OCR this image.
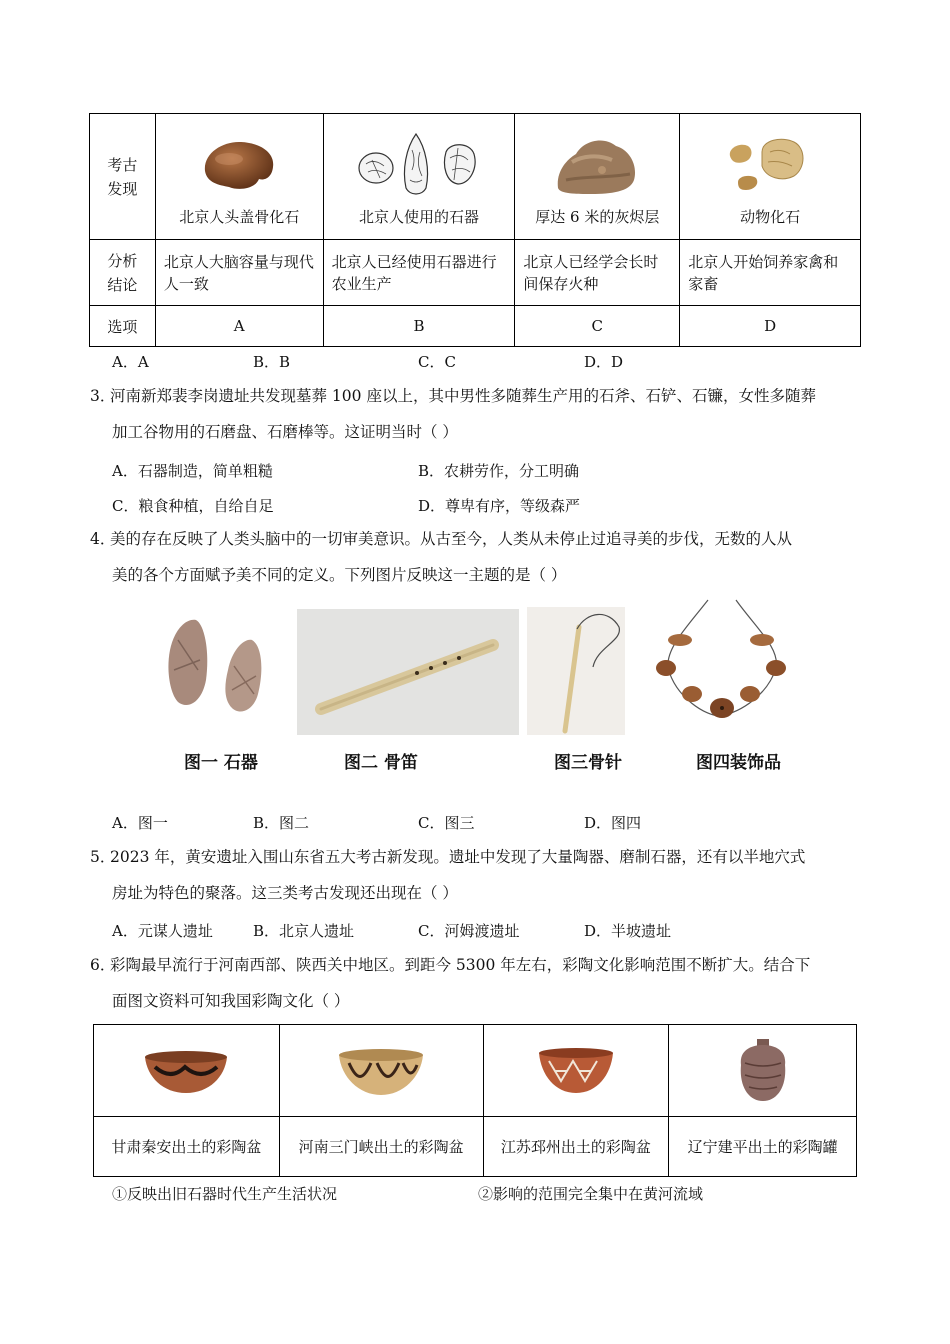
考古
发现	北京人头盖骨化石	北京人使用的石器	厚达 6 米的灰烬层	动物化石

分析
结论	北京人大脑容量与现代人一致	北京人已经使用石器进行农业生产	北京人已经学会长时间保存火种	北京人开始饲养家禽和家畜
选项	A	B	C	D
A．A	B．B	C．C	D．D
3．河南新郑裴李岗遗址共发现墓葬 100 座以上，其中男性多随葬生产用的石斧、石铲、石镰，女性多随葬
加工谷物用的石磨盘、石磨棒等。这证明当时（ ）
A．石器制造，简单粗糙	B．农耕劳作，分工明确
C．粮食种植，自给自足	D．尊卑有序，等级森严
4．美的存在反映了人类头脑中的一切审美意识。从古至今，人类从未停止过追寻美的步伐，无数的人从
美的各个方面赋予美不同的定义。下列图片反映这一主题的是（ ）
图一 石器	图二 骨笛	图三骨针	图四装饰品
A．图一	B．图二	C．图三	D．图四
5．2023 年，黄安遗址入围山东省五大考古新发现。遗址中发现了大量陶器、磨制石器，还有以半地穴式
房址为特色的聚落。这三类考古发现还出现在（ ）
A．元谋人遗址	B．北京人遗址	C．河姆渡遗址	D．半坡遗址
6．彩陶最早流行于河南西部、陕西关中地区。到距今 5300 年左右，彩陶文化影响范围不断扩大。结合下
面图文资料可知我国彩陶文化（ ）

甘肃秦安出土的彩陶盆	河南三门峡出土的彩陶盆	江苏邳州出土的彩陶盆	辽宁建平出土的彩陶罐
①反映出旧石器时代生产生活状况	②影响的范围完全集中在黄河流域
